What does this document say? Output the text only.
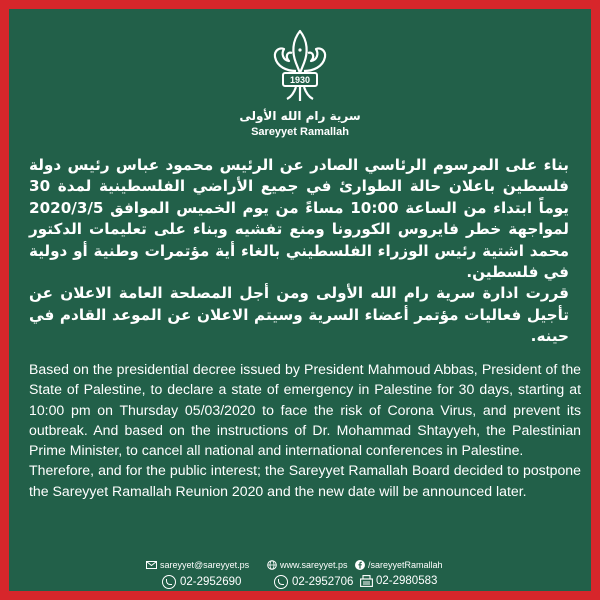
1930
سرية رام الله الأولى
Sareyyet Ramallah

بناء على المرسوم الرئاسي الصادر عن الرئيس محمود عباس رئيس دولة فلسطين باعلان حالة الطوارئ في جميع الأراضي الفلسطينية لمدة 30 يوماً ابتداء من الساعة 10:00 مساءً من يوم الخميس الموافق 2020/3/5 لمواجهة خطر فايروس الكورونا ومنع تفشيه وبناء على تعليمات الدكتور محمد اشتية رئيس الوزراء الفلسطيني بالغاء أية مؤتمرات وطنية أو دولية في فلسطين.

قررت ادارة سرية رام الله الأولى ومن أجل المصلحة العامة الاعلان عن تأجيل فعاليات مؤتمر أعضاء السرية وسيتم الاعلان عن الموعد القادم في حينه.

Based on the presidential decree issued by President Mahmoud Abbas, President of the State of Palestine, to declare a state of emergency in Palestine for 30 days, starting at 10:00 pm on Thursday 05/03/2020 to face the risk of Corona Virus, and prevent its outbreak. And based on the instructions of Dr. Mohammad Shtayyeh, the Palestinian Prime Minister, to cancel all national and international conferences in Palestine.

Therefore, and for the public interest; the Sareyyet Ramallah Board decided to postpone the Sareyyet Ramallah Reunion 2020 and the new date will be announced later.

sareyyet@sareyyet.ps	www.sareyyet.ps /sareyyetRamallah
02-2952690	02-2952706 02-2980583
